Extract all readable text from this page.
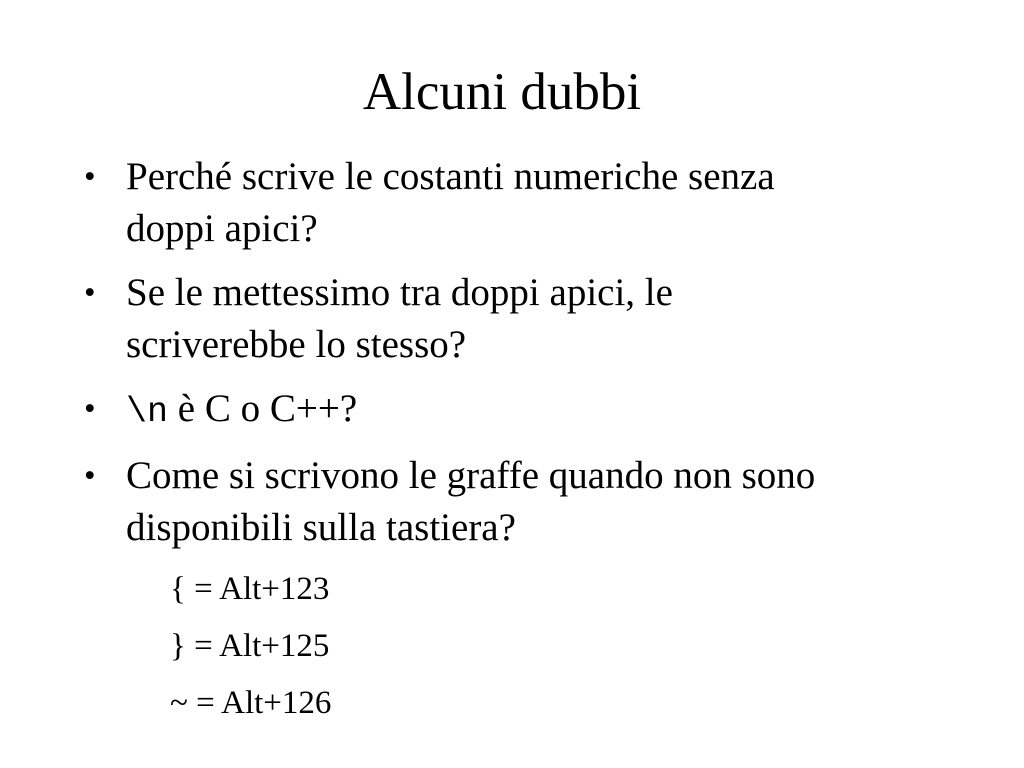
Alcuni dubbi
• Perché scrive le costanti numeriche senza
doppi apici?
• Se le mettessimo tra doppi apici, le
scriverebbe lo stesso?
• \n è C o C++?
• Come si scrivono le graffe quando non sono
disponibili sulla tastiera?
{ = Alt+123
} = Alt+125
~ = Alt+126
